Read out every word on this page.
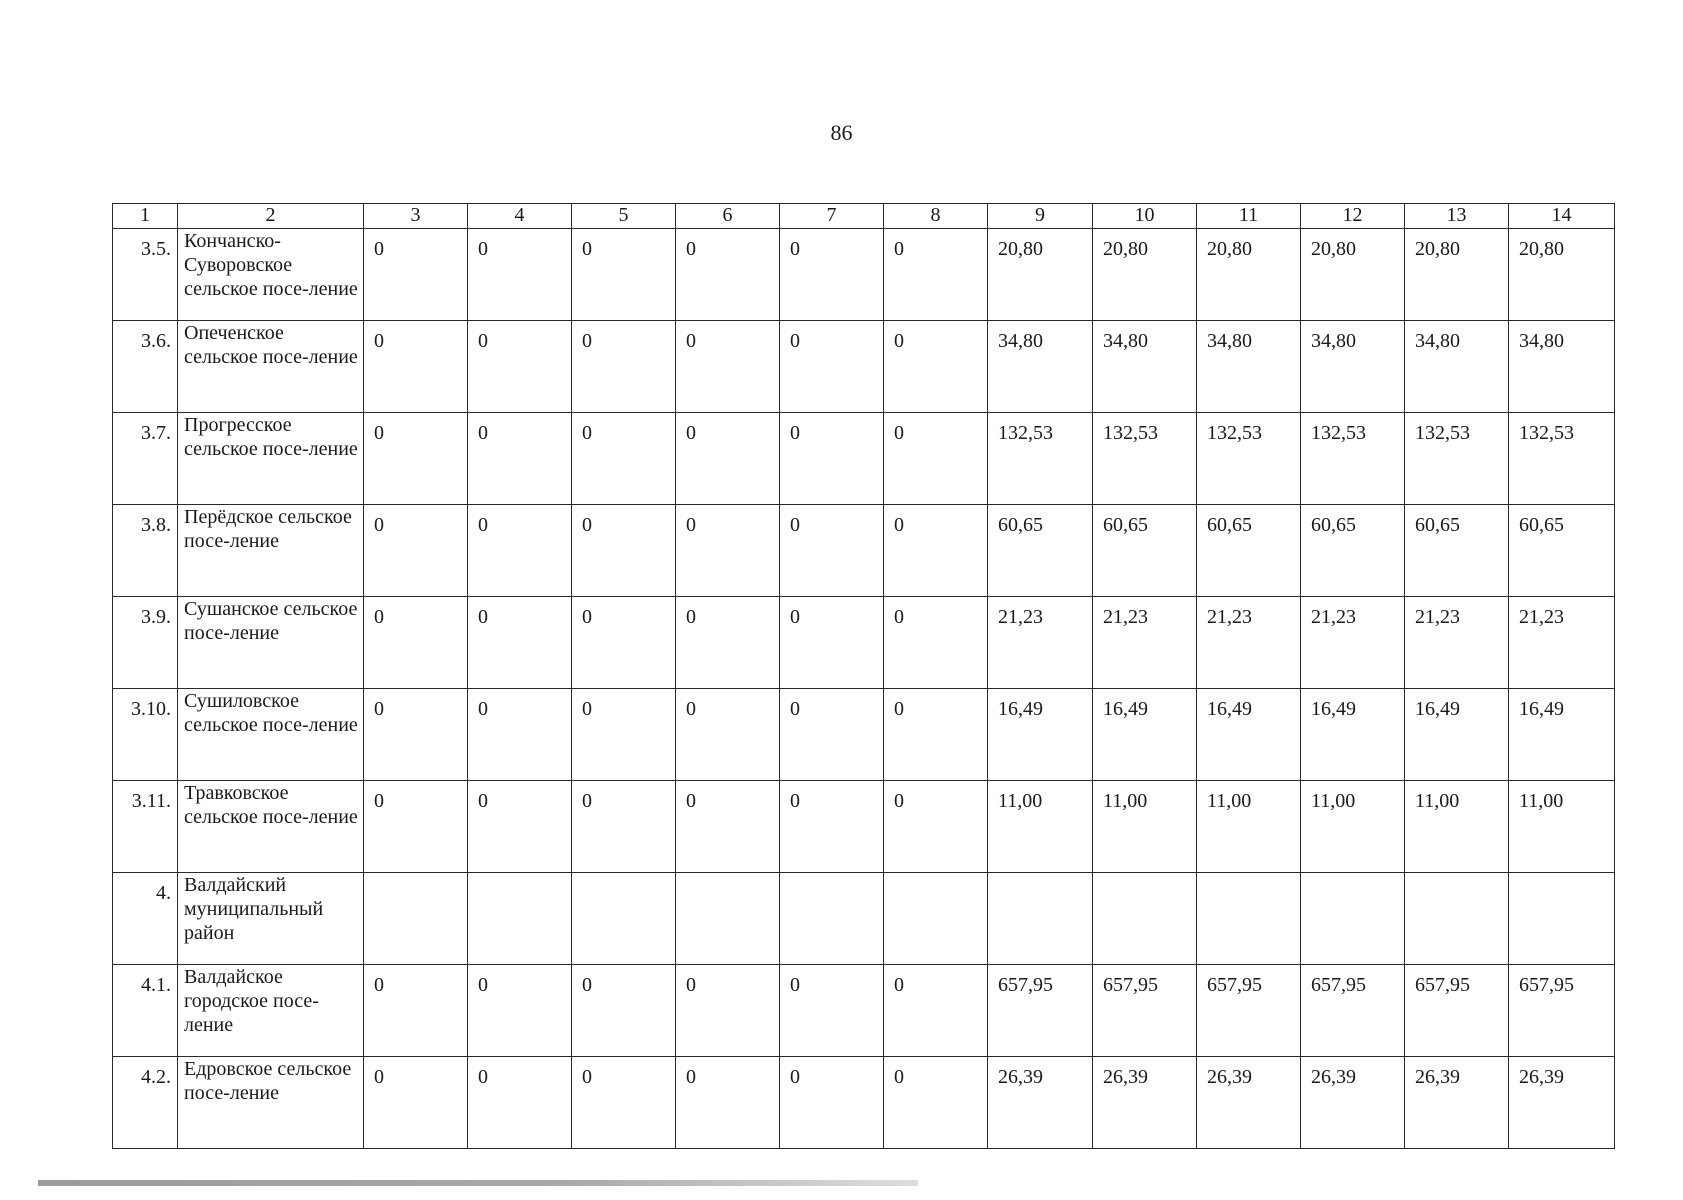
86
1	2	3	4	5	6	7	8	9	10	11	12	13	14
3.5.	Кончанско-Суворовское сельское посе-ление	0	0	0	0	0	0	20,80	20,80	20,80	20,80	20,80	20,80
3.6.	Опеченское сельское посе-ление	0	0	0	0	0	0	34,80	34,80	34,80	34,80	34,80	34,80
3.7.	Прогресское сельское посе-ление	0	0	0	0	0	0	132,53	132,53	132,53	132,53	132,53	132,53
3.8.	Перёдское сельское посе-ление	0	0	0	0	0	0	60,65	60,65	60,65	60,65	60,65	60,65
3.9.	Сушанское сельское посе-ление	0	0	0	0	0	0	21,23	21,23	21,23	21,23	21,23	21,23
3.10.	Сушиловское сельское посе-ление	0	0	0	0	0	0	16,49	16,49	16,49	16,49	16,49	16,49
3.11.	Травковское сельское посе-ление	0	0	0	0	0	0	11,00	11,00	11,00	11,00	11,00	11,00
4.	Валдайский муниципальный район												
4.1.	Валдайское городское посе-ление	0	0	0	0	0	0	657,95	657,95	657,95	657,95	657,95	657,95
4.2.	Едровское сельское посе-ление	0	0	0	0	0	0	26,39	26,39	26,39	26,39	26,39	26,39
